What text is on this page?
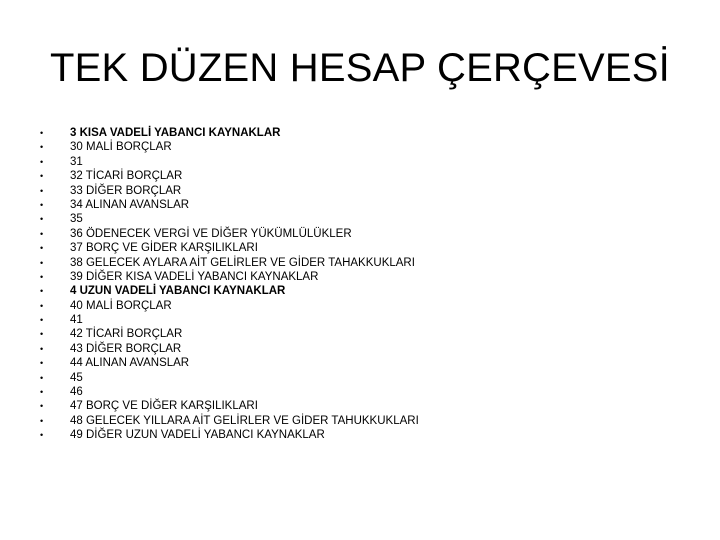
TEK DÜZEN HESAP ÇERÇEVESİ
•	3 KISA VADELİ YABANCI KAYNAKLAR
•	30 MALİ BORÇLAR
•	31
•	32 TİCARİ BORÇLAR
•	33 DİĞER BORÇLAR
•	34 ALINAN AVANSLAR
•	35
•	36 ÖDENECEK VERGİ VE DİĞER YÜKÜMLÜLÜKLER
•	37 BORÇ VE GİDER KARŞILIKLARI
•	38 GELECEK AYLARA AİT GELİRLER VE GİDER TAHAKKUKLARI
•	39 DİĞER KISA VADELİ YABANCI KAYNAKLAR
•	4 UZUN VADELİ YABANCI KAYNAKLAR
•	40 MALİ BORÇLAR
•	41
•	42 TİCARİ BORÇLAR
•	43 DİĞER BORÇLAR
•	44 ALINAN AVANSLAR
•	45
•	46
•	47 BORÇ VE DİĞER KARŞILIKLARI
•	48 GELECEK YILLARA AİT GELİRLER VE GİDER TAHUKKUKLARI
•	49 DİĞER UZUN VADELİ YABANCI KAYNAKLAR
